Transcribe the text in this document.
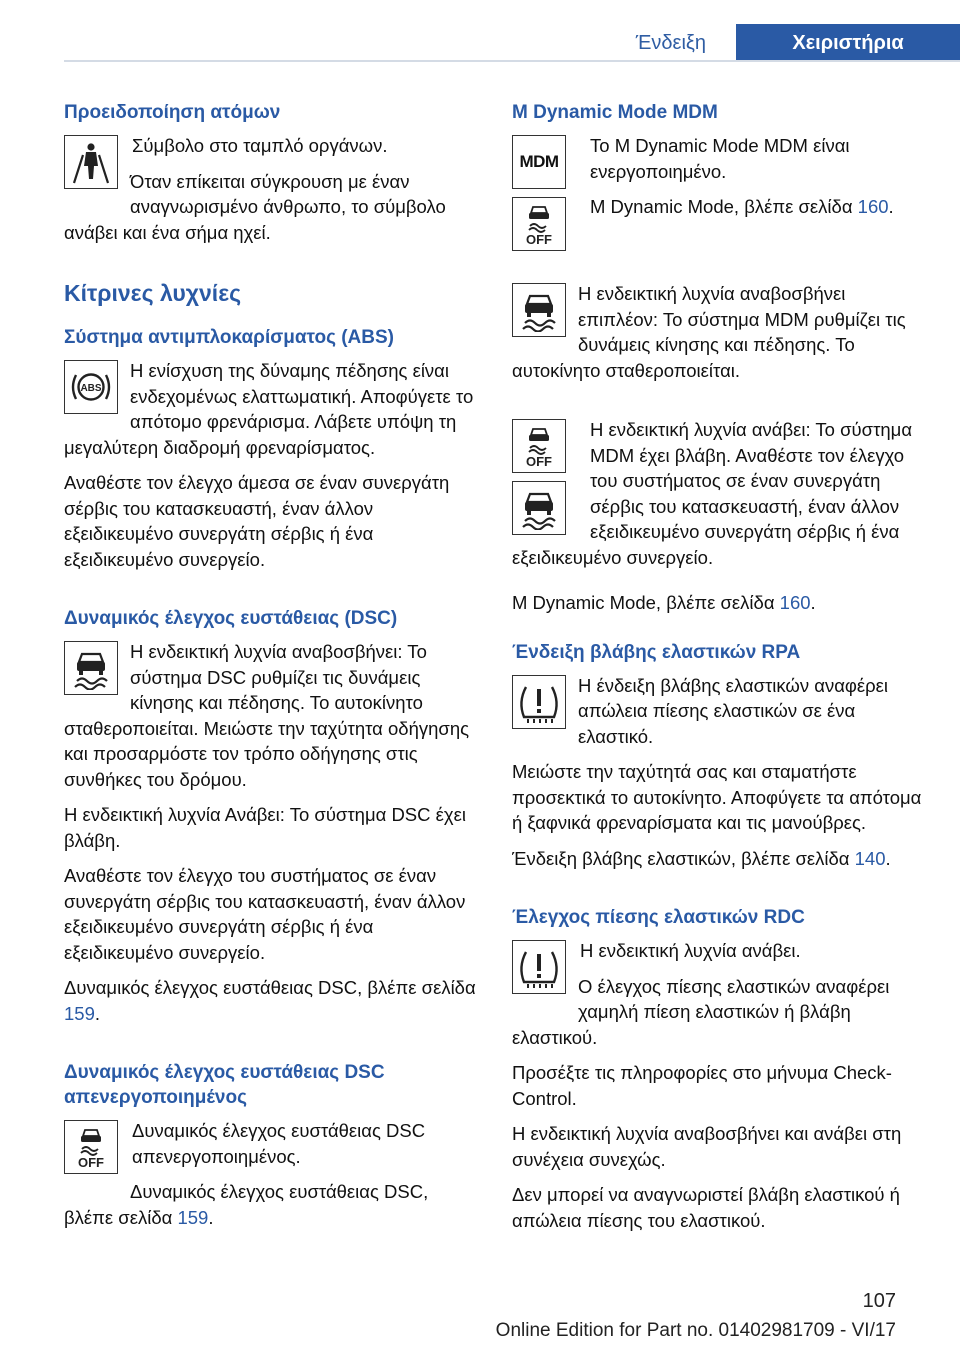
Ένδειξη	Χειριστήρια
Προειδοποίηση ατόμων

Σύμβολο στο ταμπλό οργάνων.

Όταν επίκειται σύγκρουση με έναν αναγνωρισμένο άνθρωπο, το σύμβολο ανάβει και ένα σήμα ηχεί.

Κίτρινες λυχνίες
Σύστημα αντιμπλοκαρίσματος (ABS)
ABS

Η ενίσχυση της δύναμης πέδησης είναι ενδεχομένως ελαττωματική. Αποφύγετε το απότομο φρενάρισμα. Λάβετε υπόψη τη μεγαλύτερη διαδρομή φρεναρίσματος.

Αναθέστε τον έλεγχο άμεσα σε έναν συνεργάτη σέρβις του κατασκευαστή, έναν άλλον εξειδικευμένο συνεργάτη σέρβις ή ένα εξειδικευμένο συνεργείο.

Δυναμικός έλεγχος ευστάθειας (DSC)

Η ενδεικτική λυχνία αναβοσβήνει: Το σύστημα DSC ρυθμίζει τις δυνάμεις κίνησης και πέδησης. Το αυτοκίνητο σταθεροποιείται. Μειώστε την ταχύτητα οδήγησης και προσαρμόστε τον τρόπο οδήγησης στις συνθήκες του δρόμου.

Η ενδεικτική λυχνία Ανάβει: Το σύστημα DSC έχει βλάβη.

Αναθέστε τον έλεγχο του συστήματος σε έναν συνεργάτη σέρβις του κατασκευαστή, έναν άλλον εξειδικευμένο συνεργάτη σέρβις ή ένα εξειδικευμένο συνεργείο.

Δυναμικός έλεγχος ευστάθειας DSC, βλέπε σελίδα 159.

Δυναμικός έλεγχος ευστάθειας DSC απενεργοποιημένος
OFF

Δυναμικός έλεγχος ευστάθειας DSC απενεργοποιημένος.

Δυναμικός έλεγχος ευστάθειας DSC, βλέπε σελίδα 159.

M Dynamic Mode MDM
MDM
OFF

Το M Dynamic Mode MDM είναι ενεργοποιημένο.

M Dynamic Mode, βλέπε σελίδα 160.

Η ενδεικτική λυχνία αναβοσβήνει επιπλέον: Το σύστημα MDM ρυθμίζει τις δυνάμεις κίνησης και πέδησης. Το αυτοκίνητο σταθεροποιείται.

OFF

Η ενδεικτική λυχνία ανάβει: Το σύστημα MDM έχει βλάβη. Αναθέστε τον έλεγχο του συστήματος σε έναν συνεργάτη σέρβις του κατασκευαστή, έναν άλλον εξειδικευμένο συνεργάτη σέρβις ή ένα εξειδικευμένο συνεργείο.

M Dynamic Mode, βλέπε σελίδα 160.

Ένδειξη βλάβης ελαστικών RPA

Η ένδειξη βλάβης ελαστικών αναφέρει απώλεια πίεσης ελαστικών σε ένα ελαστικό.

Μειώστε την ταχύτητά σας και σταματήστε προσεκτικά το αυτοκίνητο. Αποφύγετε τα απότομα ή ξαφνικά φρεναρίσματα και τις μανούβρες.

Ένδειξη βλάβης ελαστικών, βλέπε σελίδα 140.

Έλεγχος πίεσης ελαστικών RDC

Η ενδεικτική λυχνία ανάβει.

Ο έλεγχος πίεσης ελαστικών αναφέρει χαμηλή πίεση ελαστικών ή βλάβη ελαστικού.

Προσέξτε τις πληροφορίες στο μήνυμα Check-Control.

Η ενδεικτική λυχνία αναβοσβήνει και ανάβει στη συνέχεια συνεχώς.

Δεν μπορεί να αναγνωριστεί βλάβη ελαστικού ή απώλεια πίεσης του ελαστικού.

107
Online Edition for Part no. 01402981709 - VI/17
